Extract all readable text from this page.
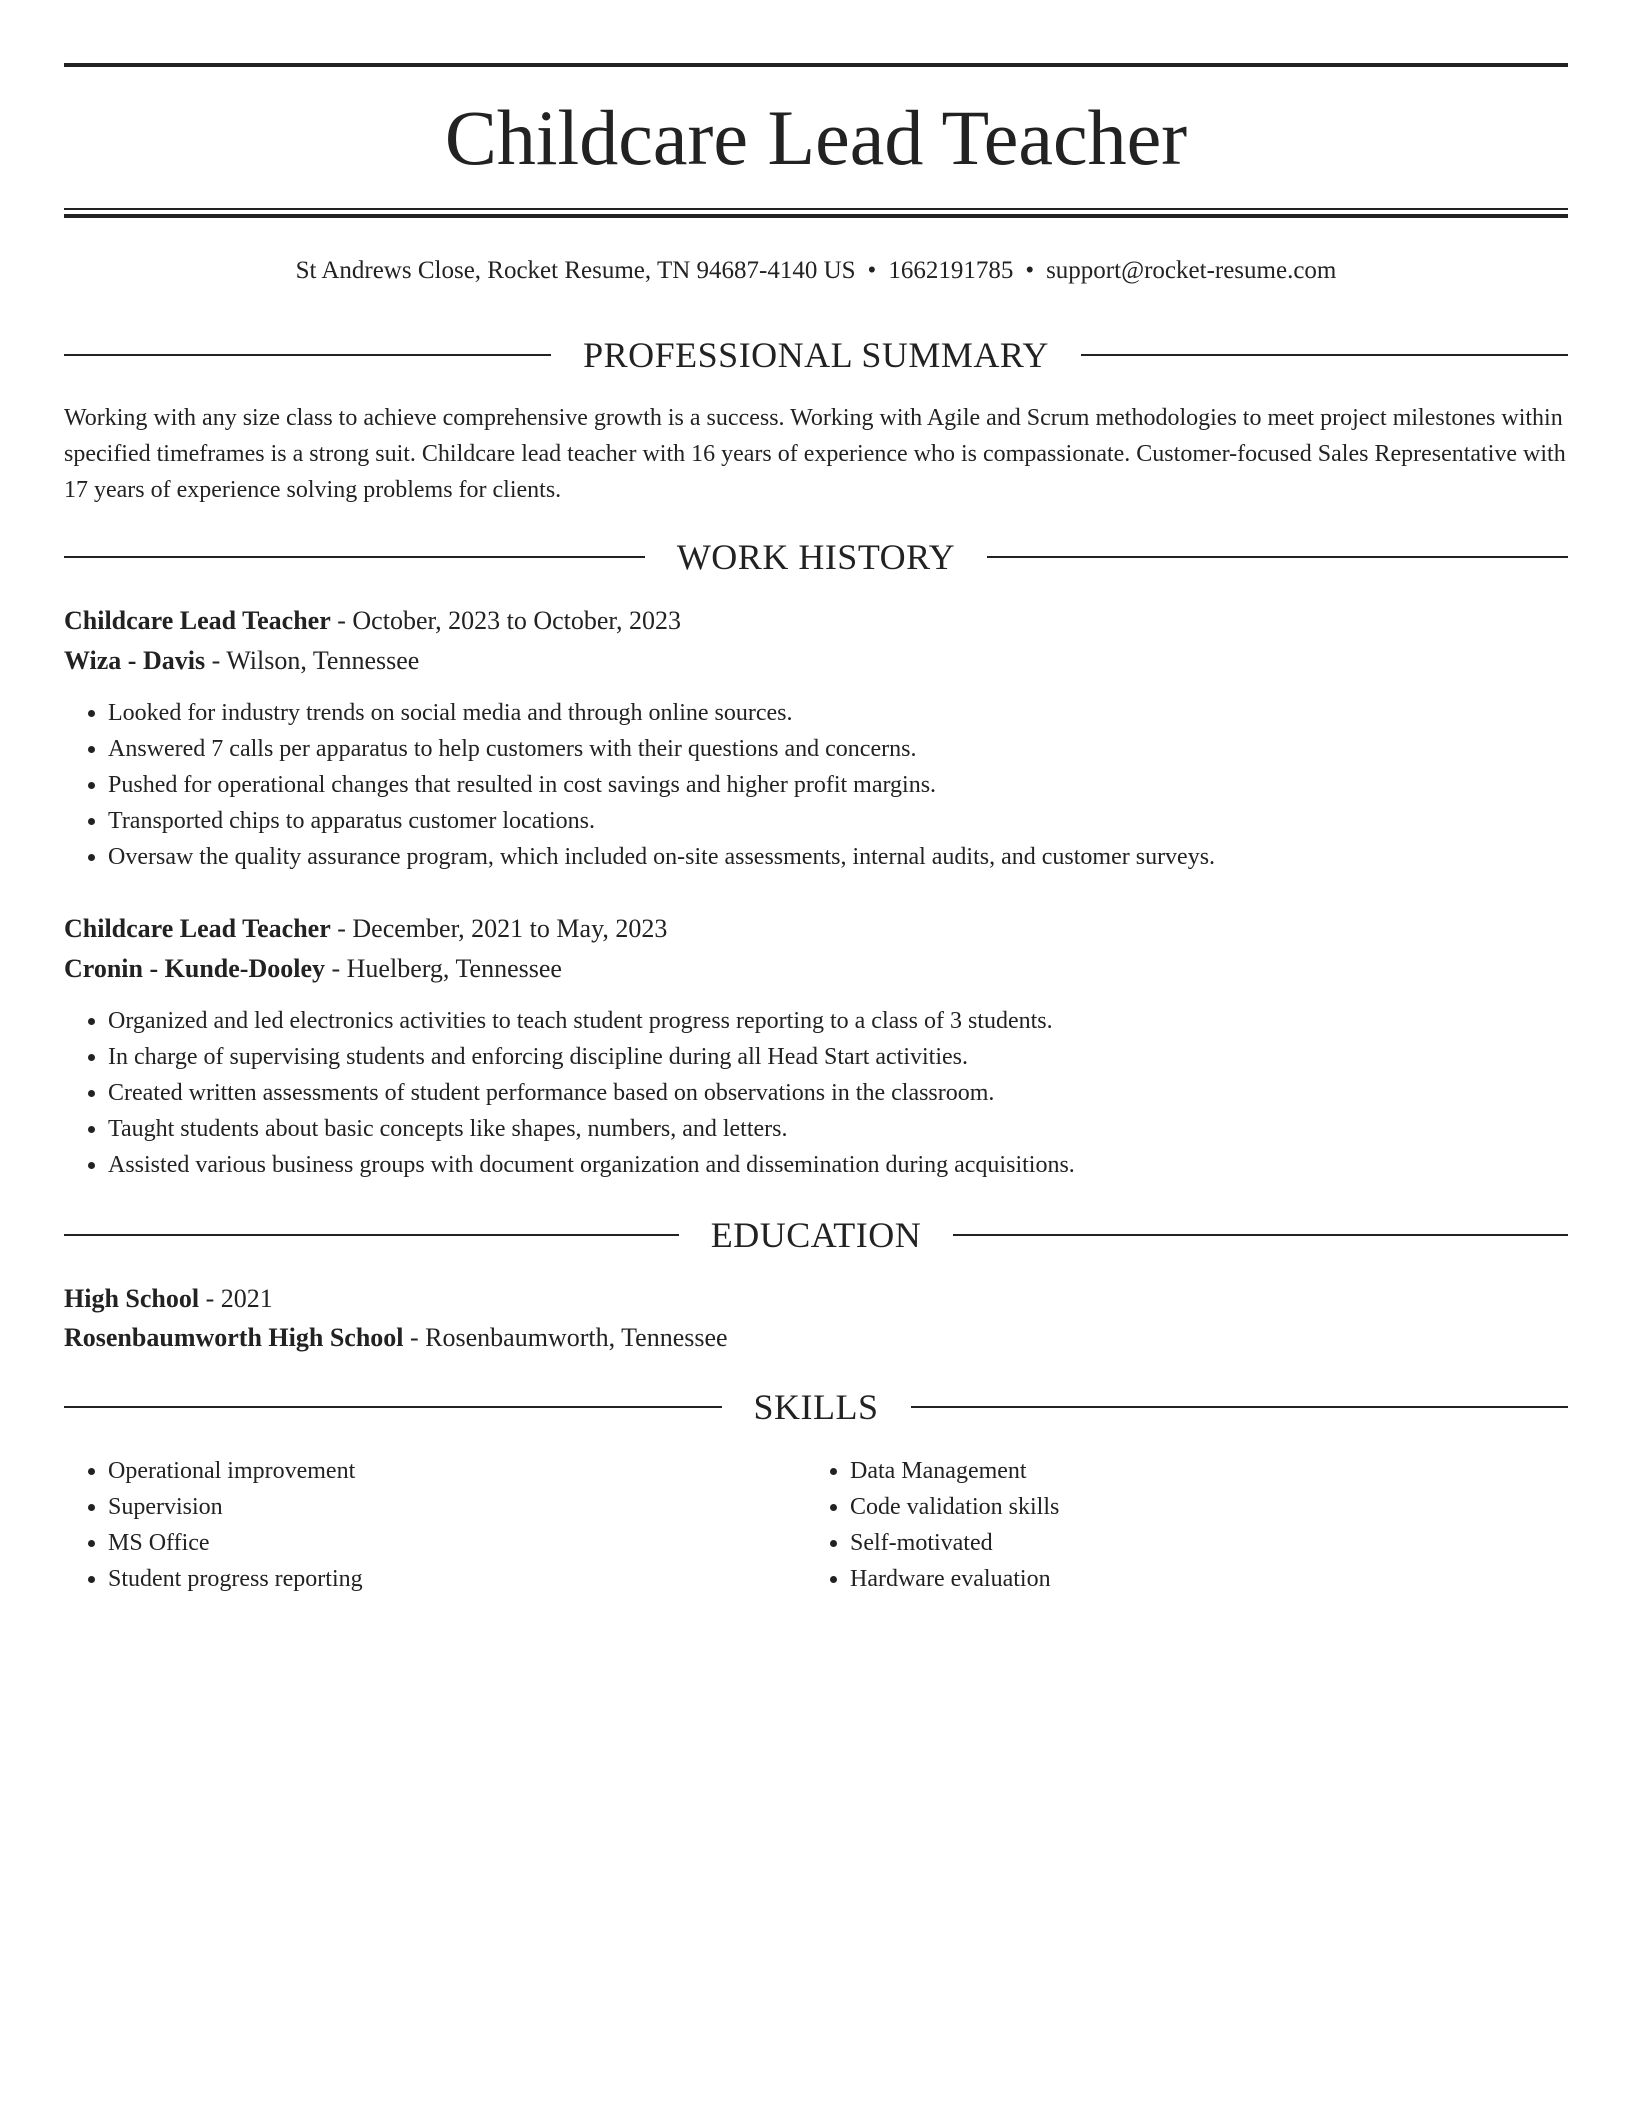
Childcare Lead Teacher
St Andrews Close, Rocket Resume, TN 94687-4140 US • 1662191785 • support@rocket-resume.com
PROFESSIONAL SUMMARY

Working with any size class to achieve comprehensive growth is a success. Working with Agile and Scrum methodologies to meet project milestones within specified timeframes is a strong suit. Childcare lead teacher with 16 years of experience who is compassionate. Customer-focused Sales Representative with 17 years of experience solving problems for clients.

WORK HISTORY
Childcare Lead Teacher - October, 2023 to October, 2023
Wiza - Davis - Wilson, Tennessee
• Looked for industry trends on social media and through online sources.
• Answered 7 calls per apparatus to help customers with their questions and concerns.
• Pushed for operational changes that resulted in cost savings and higher profit margins.
• Transported chips to apparatus customer locations.
• Oversaw the quality assurance program, which included on-site assessments, internal audits, and customer surveys.
Childcare Lead Teacher - December, 2021 to May, 2023
Cronin - Kunde-Dooley - Huelberg, Tennessee
• Organized and led electronics activities to teach student progress reporting to a class of 3 students.
• In charge of supervising students and enforcing discipline during all Head Start activities.
• Created written assessments of student performance based on observations in the classroom.
• Taught students about basic concepts like shapes, numbers, and letters.
• Assisted various business groups with document organization and dissemination during acquisitions.
EDUCATION
High School - 2021
Rosenbaumworth High School - Rosenbaumworth, Tennessee
SKILLS
• Operational improvement
• Supervision
• MS Office
• Student progress reporting
• Data Management
• Code validation skills
• Self-motivated
• Hardware evaluation
